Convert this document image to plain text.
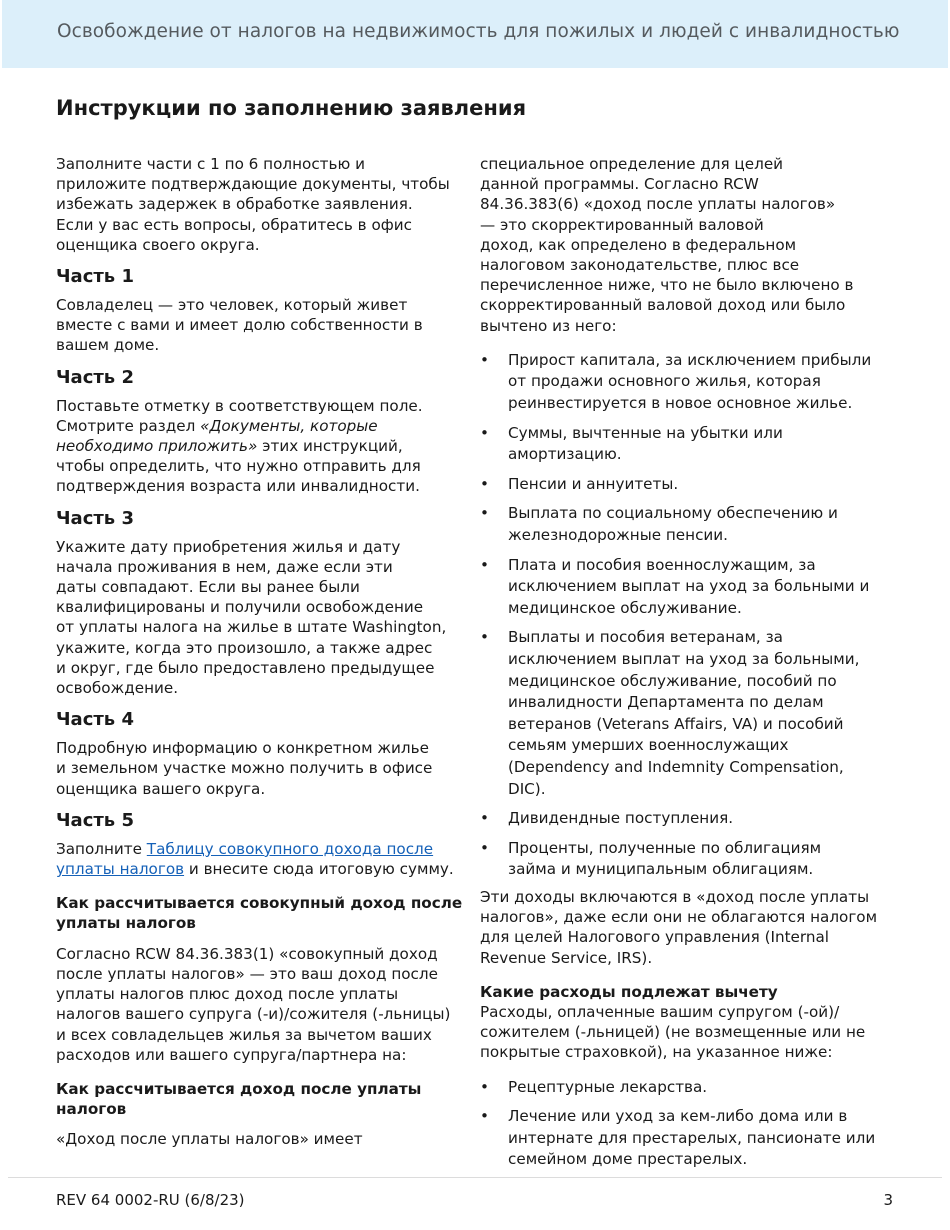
Освобождение от налогов на недвижимость для пожилых и людей с инвалидностью
Инструкции по заполнению заявления

Заполните части с 1 по 6 полностью и
приложите подтверждающие документы, чтобы
избежать задержек в обработке заявления.
Если у вас есть вопросы, обратитесь в офис
оценщика своего округа.

Часть 1

Совладелец — это человек, который живет
вместе с вами и имеет долю собственности в
вашем доме.

Часть 2

Поставьте отметку в соответствующем поле.
Смотрите раздел «Документы, которые
необходимо приложить» этих инструкций,
чтобы определить, что нужно отправить для
подтверждения возраста или инвалидности.

Часть 3

Укажите дату приобретения жилья и дату
начала проживания в нем, даже если эти
даты совпадают. Если вы ранее были
квалифицированы и получили освобождение
от уплаты налога на жилье в штате Washington,
укажите, когда это произошло, а также адрес
и округ, где было предоставлено предыдущее
освобождение.

Часть 4

Подробную информацию о конкретном жилье
и земельном участке можно получить в офисе
оценщика вашего округа.

Часть 5

Заполните Таблицу совокупного дохода после
уплаты налогов и внесите сюда итоговую сумму.

Как рассчитывается совокупный доход после
уплаты налогов

Согласно RCW 84.36.383(1) «совокупный доход
после уплаты налогов» — это ваш доход после
уплаты налогов плюс доход после уплаты
налогов вашего супруга (-и)/сожителя (-льницы)
и всех совладельцев жилья за вычетом ваших
расходов или вашего супруга/партнера на:

Как рассчитывается доход после уплаты
налогов

«Доход после уплаты налогов» имеет

специальное определение для целей
данной программы. Согласно RCW
84.36.383(6) «доход после уплаты налогов»
— это скорректированный валовой
доход, как определено в федеральном
налоговом законодательстве, плюс все
перечисленное ниже, что не было включено в
скорректированный валовой доход или было
вычтено из него:

• Прирост капитала, за исключением прибыли
от продажи основного жилья, которая
реинвестируется в новое основное жилье.
• Суммы, вычтенные на убытки или
амортизацию.
• Пенсии и аннуитеты.
• Выплата по социальному обеспечению и
железнодорожные пенсии.
• Плата и пособия военнослужащим, за
исключением выплат на уход за больными и
медицинское обслуживание.
• Выплаты и пособия ветеранам, за
исключением выплат на уход за больными,
медицинское обслуживание, пособий по
инвалидности Департамента по делам
ветеранов (Veterans Affairs, VA) и пособий
семьям умерших военнослужащих
(Dependency and Indemnity Compensation,
DIC).
• Дивидендные поступления.
• Проценты, полученные по облигациям
займа и муниципальным облигациям.

Эти доходы включаются в «доход после уплаты
налогов», даже если они не облагаются налогом
для целей Налогового управления (Internal
Revenue Service, IRS).

Какие расходы подлежат вычету
Расходы, оплаченные вашим супругом (-ой)/
сожителем (-льницей) (не возмещенные или не
покрытые страховкой), на указанное ниже:

• Рецептурные лекарства.
• Лечение или уход за кем-либо дома или в
интернате для престарелых, пансионате или
семейном доме престарелых.
REV 64 0002-RU (6/8/23)	3
